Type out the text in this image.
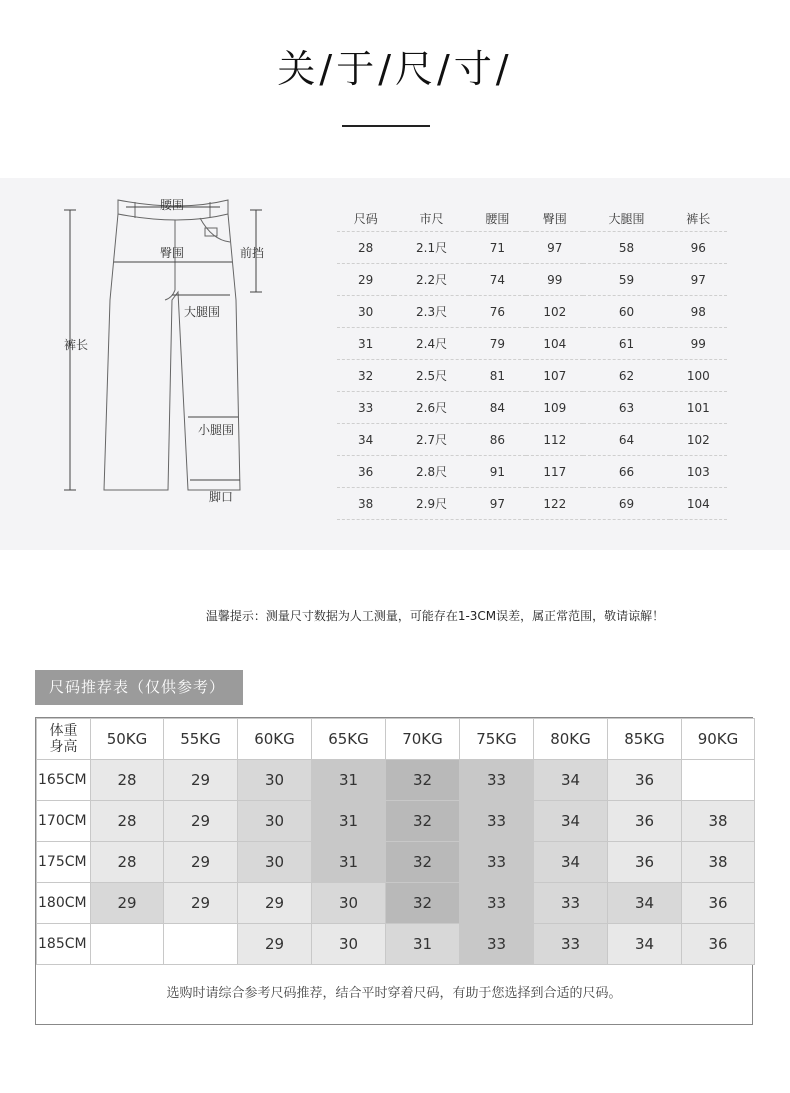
关/于/尺/寸/
腰围
臀围	前挡
大腿围
裤长
小腿围
脚口
尺码	市尺	腰围	臀围	大腿围	裤长
28	2.1尺	71	97	58	96
29	2.2尺	74	99	59	97
30	2.3尺	76	102	60	98
31	2.4尺	79	104	61	99
32	2.5尺	81	107	62	100
33	2.6尺	84	109	63	101
34	2.7尺	86	112	64	102
36	2.8尺	91	117	66	103
38	2.9尺	97	122	69	104
温馨提示：测量尺寸数据为人工测量，可能存在1-3CM误差，属正常范围，敬请谅解！
尺码推荐表（仅供参考）
体重
身高	50KG	55KG	60KG	65KG	70KG	75KG	80KG	85KG	90KG
165CM	28	29	30	31	32	33	34	36	
170CM	28	29	30	31	32	33	34	36	38
175CM	28	29	30	31	32	33	34	36	38
180CM	29	29	29	30	32	33	33	34	36
185CM			29	30	31	33	33	34	36
选购时请综合参考尺码推荐，结合平时穿着尺码，有助于您选择到合适的尺码。
